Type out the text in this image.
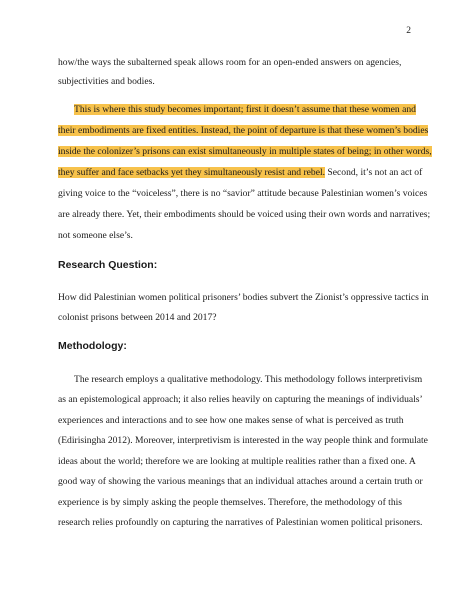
2
how/the ways the subalterned speak allows room for an open-ended answers on agencies,
subjectivities and bodies.
This is where this study becomes important; first it doesn’t assume that these women and
their embodiments are fixed entities. Instead, the point of departure is that these women’s bodies
inside the colonizer’s prisons can exist simultaneously in multiple states of being; in other words,
they suffer and face setbacks yet they simultaneously resist and rebel. Second, it’s not an act of
giving voice to the “voiceless”, there is no “savior” attitude because Palestinian women’s voices
are already there. Yet, their embodiments should be voiced using their own words and narratives;
not someone else’s.
Research Question:
How did Palestinian women political prisoners’ bodies subvert the Zionist’s oppressive tactics in
colonist prisons between 2014 and 2017?
Methodology:
The research employs a qualitative methodology. This methodology follows interpretivism
as an epistemological approach; it also relies heavily on capturing the meanings of individuals’
experiences and interactions and to see how one makes sense of what is perceived as truth
(Edirisingha 2012). Moreover, interpretivism is interested in the way people think and formulate
ideas about the world; therefore we are looking at multiple realities rather than a fixed one. A
good way of showing the various meanings that an individual attaches around a certain truth or
experience is by simply asking the people themselves. Therefore, the methodology of this
research relies profoundly on capturing the narratives of Palestinian women political prisoners.
